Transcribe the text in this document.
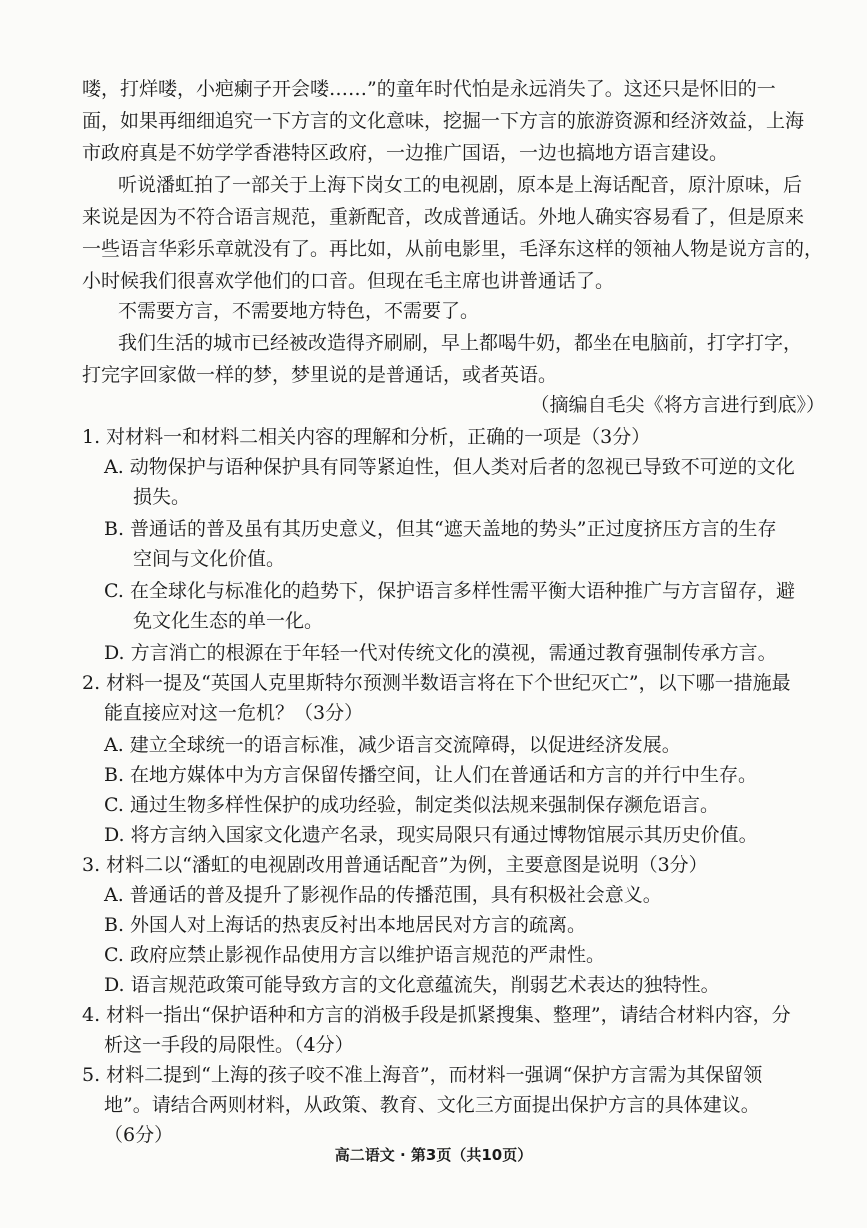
喽，打烊喽，小疤瘌子开会喽……”的童年时代怕是永远消失了。这还只是怀旧的一
面，如果再细细追究一下方言的文化意味，挖掘一下方言的旅游资源和经济效益，上海
市政府真是不妨学学香港特区政府，一边推广国语，一边也搞地方语言建设。
听说潘虹拍了一部关于上海下岗女工的电视剧，原本是上海话配音，原汁原味，后
来说是因为不符合语言规范，重新配音，改成普通话。外地人确实容易看了，但是原来
一些语言华彩乐章就没有了。再比如，从前电影里，毛泽东这样的领袖人物是说方言的，
小时候我们很喜欢学他们的口音。但现在毛主席也讲普通话了。
不需要方言，不需要地方特色，不需要了。
我们生活的城市已经被改造得齐刷刷，早上都喝牛奶，都坐在电脑前，打字打字，
打完字回家做一样的梦，梦里说的是普通话，或者英语。
（摘编自毛尖《将方言进行到底》）
1. 对材料一和材料二相关内容的理解和分析，正确的一项是（3分）
A. 动物保护与语种保护具有同等紧迫性，但人类对后者的忽视已导致不可逆的文化
损失。
B. 普通话的普及虽有其历史意义，但其“遮天盖地的势头”正过度挤压方言的生存
空间与文化价值。
C. 在全球化与标准化的趋势下，保护语言多样性需平衡大语种推广与方言留存，避
免文化生态的单一化。
D. 方言消亡的根源在于年轻一代对传统文化的漠视，需通过教育强制传承方言。
2. 材料一提及“英国人克里斯特尔预测半数语言将在下个世纪灭亡”，以下哪一措施最
能直接应对这一危机？（3分）
A. 建立全球统一的语言标准，减少语言交流障碍，以促进经济发展。
B. 在地方媒体中为方言保留传播空间，让人们在普通话和方言的并行中生存。
C. 通过生物多样性保护的成功经验，制定类似法规来强制保存濒危语言。
D. 将方言纳入国家文化遗产名录，现实局限只有通过博物馆展示其历史价值。
3. 材料二以“潘虹的电视剧改用普通话配音”为例，主要意图是说明（3分）
A. 普通话的普及提升了影视作品的传播范围，具有积极社会意义。
B. 外国人对上海话的热衷反衬出本地居民对方言的疏离。
C. 政府应禁止影视作品使用方言以维护语言规范的严肃性。
D. 语言规范政策可能导致方言的文化意蕴流失，削弱艺术表达的独特性。
4. 材料一指出“保护语种和方言的消极手段是抓紧搜集、整理”，请结合材料内容，分
析这一手段的局限性。（4分）
5. 材料二提到“上海的孩子咬不准上海音”，而材料一强调“保护方言需为其保留领
地”。请结合两则材料，从政策、教育、文化三方面提出保护方言的具体建议。
（6分）
高二语文 · 第3页（共10页）
